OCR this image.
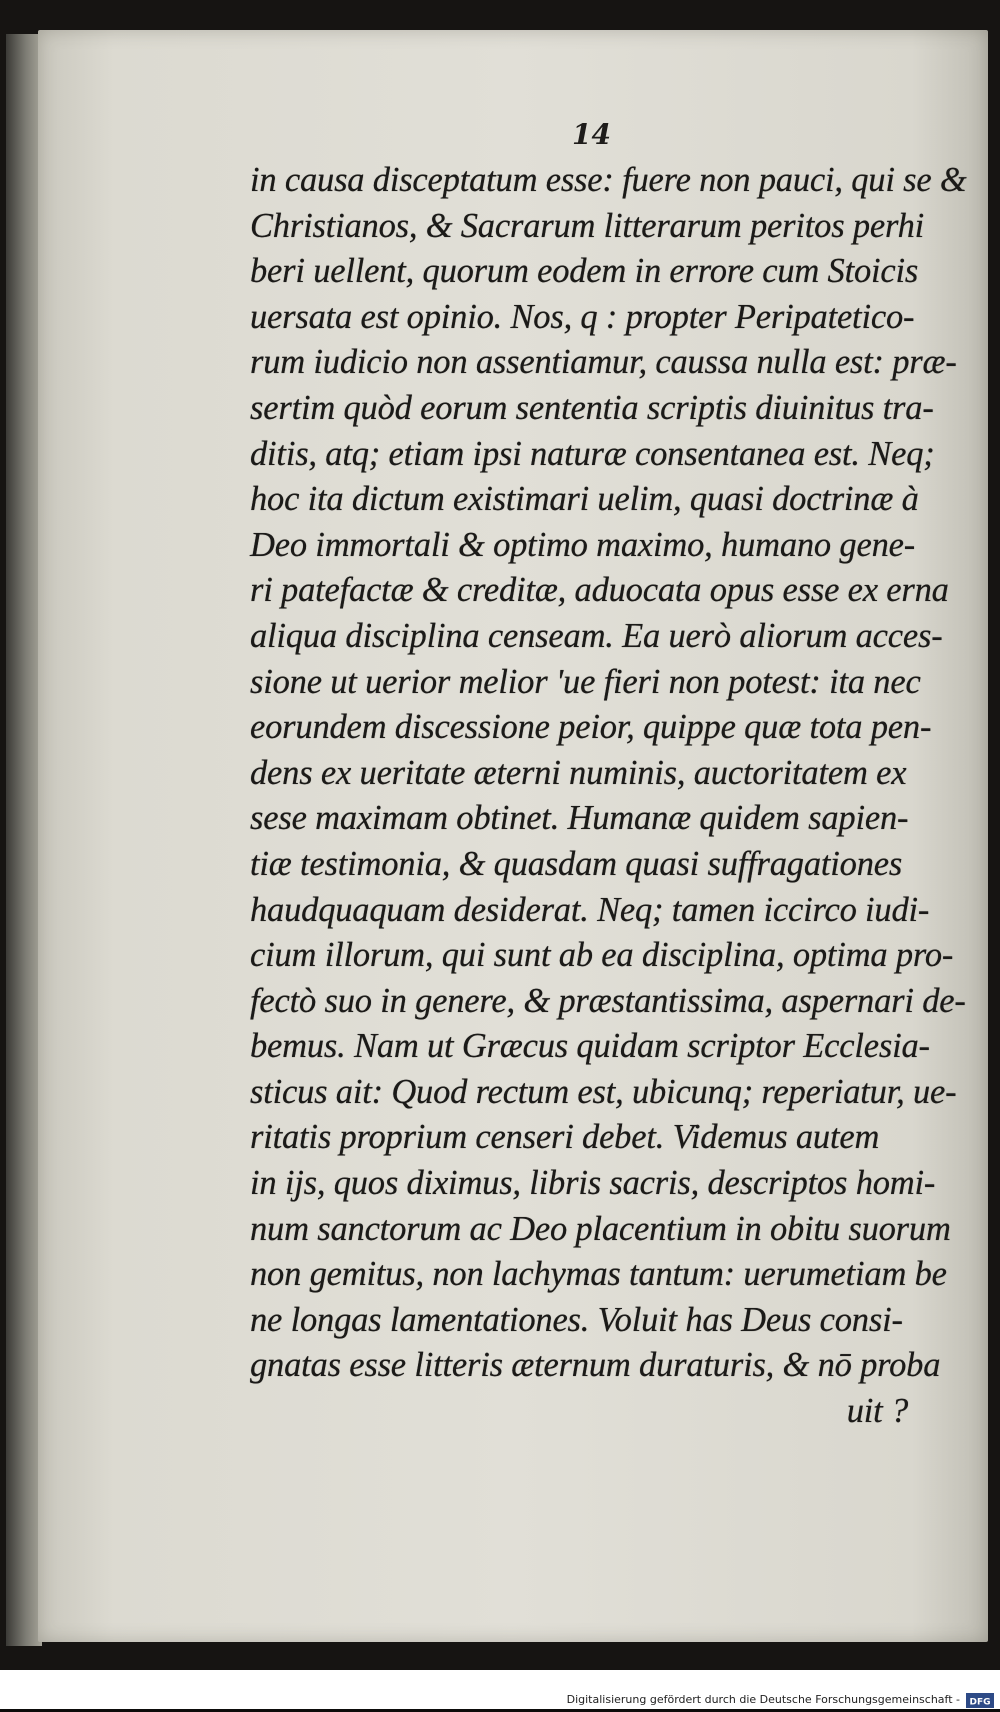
14
in causa disceptatum esse: fuere non pauci, qui se &
Christianos, & Sacrarum litterarum peritos perhi
beri uellent, quorum eodem in errore cum Stoicis
uersata est opinio. Nos, q : propter Peripatetico-
rum iudicio non assentiamur, caussa nulla est: præ-
sertim quòd eorum sententia scriptis diuinitus tra-
ditis, atq; etiam ipsi naturæ consentanea est. Neq;
hoc ita dictum existimari uelim, quasi doctrinæ à
Deo immortali & optimo maximo, humano gene-
ri patefactæ & creditæ, aduocata opus esse ex erna
aliqua disciplina censeam. Ea uerò aliorum acces-
sione ut uerior melior 'ue fieri non potest: ita nec
eorundem discessione peior, quippe quæ tota pen-
dens ex ueritate æterni numinis, auctoritatem ex
sese maximam obtinet. Humanæ quidem sapien-
tiæ testimonia, & quasdam quasi suffragationes
haudquaquam desiderat. Neq; tamen iccirco iudi-
cium illorum, qui sunt ab ea disciplina, optima pro-
fectò suo in genere, & præstantissima, aspernari de-
bemus. Nam ut Græcus quidam scriptor Ecclesia-
sticus ait: Quod rectum est, ubicunq; reperiatur, ue-
ritatis proprium censeri debet. Videmus autem
in ijs, quos diximus, libris sacris, descriptos homi-
num sanctorum ac Deo placentium in obitu suorum
non gemitus, non lachymas tantum: uerumetiam be
ne longas lamentationes. Voluit has Deus consi-
gnatas esse litteris æternum duraturis, & nō proba
uit ?
Digitalisierung gefördert durch die Deutsche Forschungsgemeinschaft - DFG
